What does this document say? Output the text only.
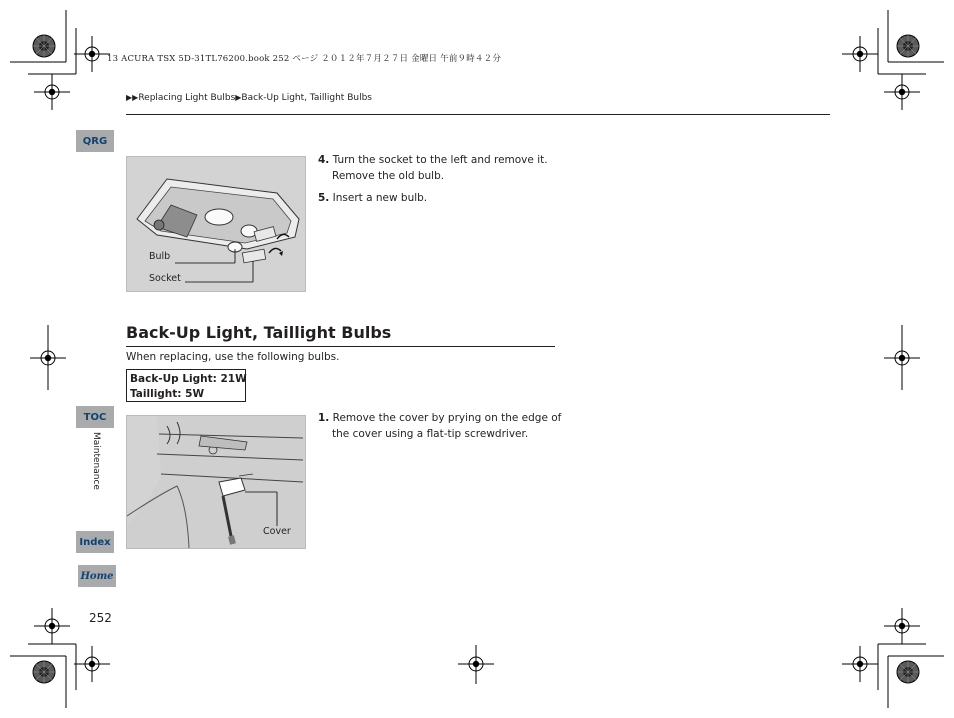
13 ACURA TSX 5D-31TL76200.book 252 ページ ２０１２年７月２７日 金曜日 午前９時４２分
▶▶Replacing Light Bulbs▶Back-Up Light, Taillight Bulbs
QRG
TOC
Maintenance
Index
Home
252
Bulb
Socket
4. Turn the socket to the left and remove it.
Remove the old bulb.
5. Insert a new bulb.
Back-Up Light, Taillight Bulbs
When replacing, use the following bulbs.
Back-Up Light: 21W
Taillight: 5W
Cover
1. Remove the cover by prying on the edge of
the cover using a flat-tip screwdriver.
